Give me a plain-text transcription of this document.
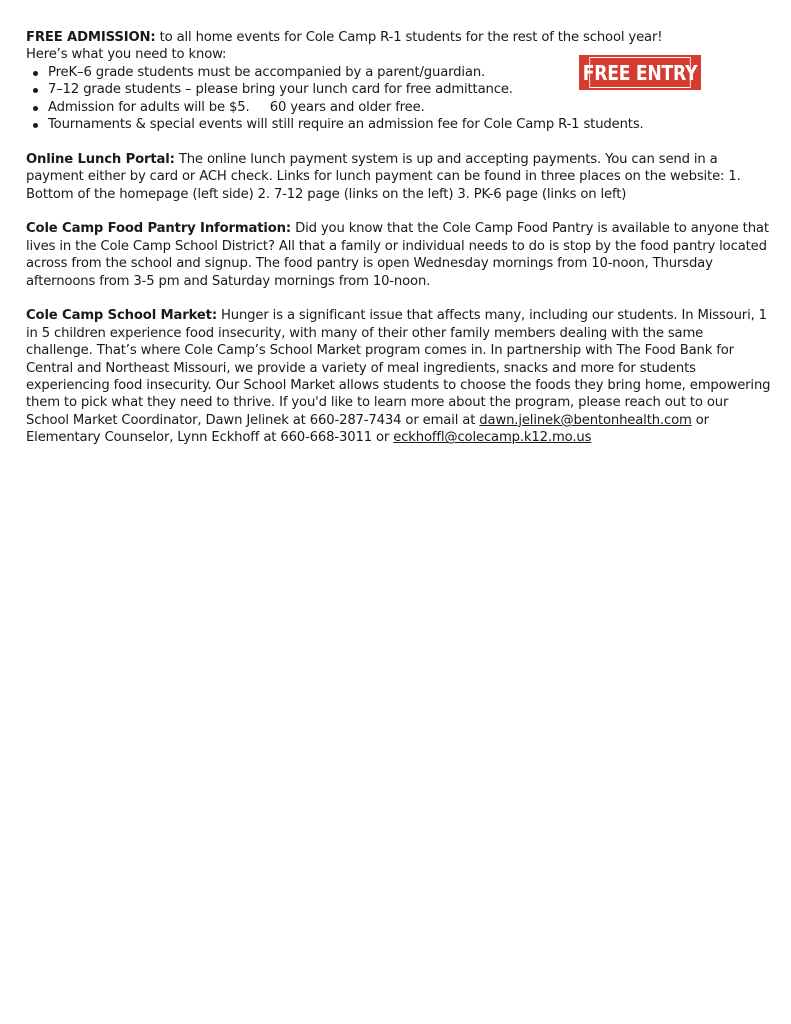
FREE ADMISSION: to all home events for Cole Camp R-1 students for the rest of the school year!

Here’s what you need to know:

PreK–6 grade students must be accompanied by a parent/guardian.
7–12 grade students – please bring your lunch card for free admittance.
Admission for adults will be $5.     60 years and older free.
Tournaments & special events will still require an admission fee for Cole Camp R-1 students.

Online Lunch Portal: The online lunch payment system is up and accepting payments. You can send in a payment either by card or ACH check. Links for lunch payment can be found in three places on the website: 1. Bottom of the homepage (left side) 2. 7-12 page (links on the left) 3. PK-6 page (links on left)

Cole Camp Food Pantry Information: Did you know that the Cole Camp Food Pantry is available to anyone that lives in the Cole Camp School District? All that a family or individual needs to do is stop by the food pantry located across from the school and signup. The food pantry is open Wednesday mornings from 10-noon, Thursday afternoons from 3-5 pm and Saturday mornings from 10-noon.

Cole Camp School Market: Hunger is a significant issue that affects many, including our students. In Missouri, 1 in 5 children experience food insecurity, with many of their other family members dealing with the same challenge. That’s where Cole Camp’s School Market program comes in. In partnership with The Food Bank for Central and Northeast Missouri, we provide a variety of meal ingredients, snacks and more for students experiencing food insecurity. Our School Market allows students to choose the foods they bring home, empowering them to pick what they need to thrive. If you'd like to learn more about the program, please reach out to our School Market Coordinator, Dawn Jelinek at 660-287-7434 or email at dawn.jelinek@bentonhealth.com or Elementary Counselor, Lynn Eckhoff at 660-668-3011 or eckhoffl@colecamp.k12.mo.us

FREE ENTRY
